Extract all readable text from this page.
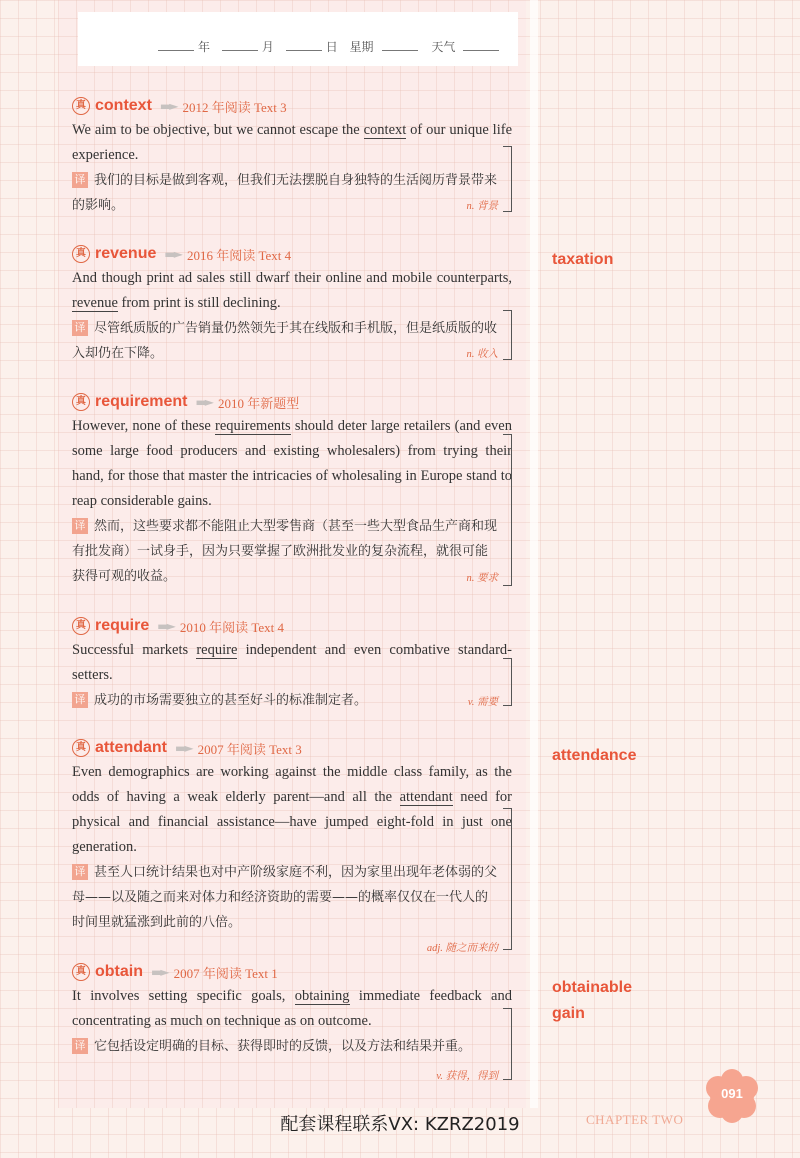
年	月	日 星期	天气
真 context ▬► 2012 年阅读 Text 3

We aim to be objective, but we cannot escape the context of our unique life experience.

译 我们的目标是做到客观，但我们无法摆脱自身独特的生活阅历背景带来的影响。	n. 背景
真 revenue ▬► 2016 年阅读 Text 4

And though print ad sales still dwarf their online and mobile counterparts, revenue from print is still declining.

译 尽管纸质版的广告销量仍然领先于其在线版和手机版，但是纸质版的收入却仍在下降。	n. 收入
真 requirement ▬► 2010 年新题型

However, none of these requirements should deter large retailers (and even some large food producers and existing wholesalers) from trying their hand, for those that master the intricacies of wholesaling in Europe stand to reap considerable gains.

译 然而，这些要求都不能阻止大型零售商（甚至一些大型食品生产商和现有批发商）一试身手，因为只要掌握了欧洲批发业的复杂流程，就很可能获得可观的收益。	n. 要求
真 require ▬► 2010 年阅读 Text 4

Successful markets require independent and even combative standard-setters.

译 成功的市场需要独立的甚至好斗的标准制定者。	v. 需要
真 attendant ▬► 2007 年阅读 Text 3

Even demographics are working against the middle class family, as the odds of having a weak elderly parent—and all the attendant need for physical and financial assistance—have jumped eight-fold in just one generation.

译 甚至人口统计结果也对中产阶级家庭不利，因为家里出现年老体弱的父母——以及随之而来对体力和经济资助的需要——的概率仅仅在一代人的时间里就猛涨到此前的八倍。

adj. 随之而来的
真 obtain ▬► 2007 年阅读 Text 1

It involves setting specific goals, obtaining immediate feedback and concentrating as much on technique as on outcome.

译 它包括设定明确的目标、获得即时的反馈，以及方法和结果并重。

v. 获得，得到
taxation
attendance
obtainable
gain
091
CHAPTER TWO
配套课程联系VX: KZRZ2019
